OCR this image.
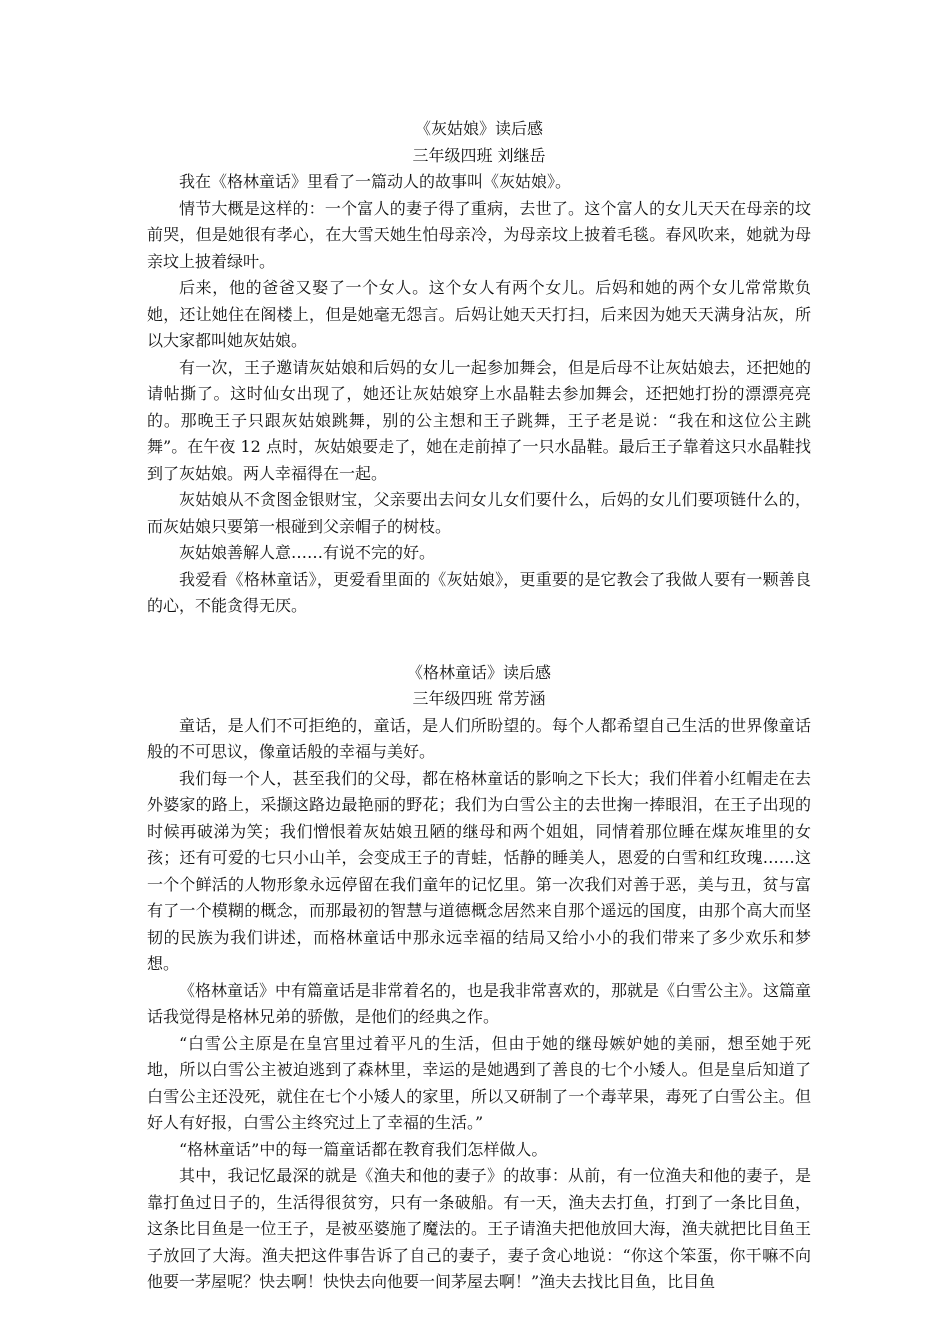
《灰姑娘》读后感

三年级四班 刘继岳

我在《格林童话》里看了一篇动人的故事叫《灰姑娘》。

情节大概是这样的：一个富人的妻子得了重病，去世了。这个富人的女儿天天在母亲的坟前哭，但是她很有孝心，在大雪天她生怕母亲冷，为母亲坟上披着毛毯。春风吹来，她就为母亲坟上披着绿叶。

后来，他的爸爸又娶了一个女人。这个女人有两个女儿。后妈和她的两个女儿常常欺负她，还让她住在阁楼上，但是她毫无怨言。后妈让她天天打扫，后来因为她天天满身沾灰，所以大家都叫她灰姑娘。

有一次，王子邀请灰姑娘和后妈的女儿一起参加舞会，但是后母不让灰姑娘去，还把她的请帖撕了。这时仙女出现了，她还让灰姑娘穿上水晶鞋去参加舞会，还把她打扮的漂漂亮亮的。那晚王子只跟灰姑娘跳舞，别的公主想和王子跳舞，王子老是说：“我在和这位公主跳舞”。在午夜 12 点时，灰姑娘要走了，她在走前掉了一只水晶鞋。最后王子靠着这只水晶鞋找到了灰姑娘。两人幸福得在一起。

灰姑娘从不贪图金银财宝，父亲要出去问女儿女们要什么，后妈的女儿们要项链什么的，而灰姑娘只要第一根碰到父亲帽子的树枝。

灰姑娘善解人意……有说不完的好。

我爱看《格林童话》，更爱看里面的《灰姑娘》，更重要的是它教会了我做人要有一颗善良的心，不能贪得无厌。

《格林童话》读后感

三年级四班 常芳涵

童话，是人们不可拒绝的，童话，是人们所盼望的。每个人都希望自己生活的世界像童话般的不可思议，像童话般的幸福与美好。

我们每一个人，甚至我们的父母，都在格林童话的影响之下长大；我们伴着小红帽走在去外婆家的路上，采撷这路边最艳丽的野花；我们为白雪公主的去世掬一捧眼泪，在王子出现的时候再破涕为笑；我们憎恨着灰姑娘丑陋的继母和两个姐姐，同情着那位睡在煤灰堆里的女孩；还有可爱的七只小山羊，会变成王子的青蛙，恬静的睡美人，恩爱的白雪和红玫瑰……这一个个鲜活的人物形象永远停留在我们童年的记忆里。第一次我们对善于恶，美与丑，贫与富有了一个模糊的概念，而那最初的智慧与道德概念居然来自那个遥远的国度，由那个高大而坚韧的民族为我们讲述，而格林童话中那永远幸福的结局又给小小的我们带来了多少欢乐和梦想。

《格林童话》中有篇童话是非常着名的，也是我非常喜欢的，那就是《白雪公主》。这篇童话我觉得是格林兄弟的骄傲，是他们的经典之作。

“白雪公主原是在皇宫里过着平凡的生活，但由于她的继母嫉妒她的美丽，想至她于死地，所以白雪公主被迫逃到了森林里，幸运的是她遇到了善良的七个小矮人。但是皇后知道了白雪公主还没死，就住在七个小矮人的家里，所以又研制了一个毒苹果，毒死了白雪公主。但好人有好报，白雪公主终究过上了幸福的生活。”

“格林童话”中的每一篇童话都在教育我们怎样做人。

其中，我记忆最深的就是《渔夫和他的妻子》的故事：从前，有一位渔夫和他的妻子，是靠打鱼过日子的，生活得很贫穷，只有一条破船。有一天，渔夫去打鱼，打到了一条比目鱼，这条比目鱼是一位王子，是被巫婆施了魔法的。王子请渔夫把他放回大海，渔夫就把比目鱼王子放回了大海。渔夫把这件事告诉了自己的妻子，妻子贪心地说：“你这个笨蛋，你干嘛不向他要一茅屋呢？快去啊！快快去向他要一间茅屋去啊！”渔夫去找比目鱼，比目鱼
